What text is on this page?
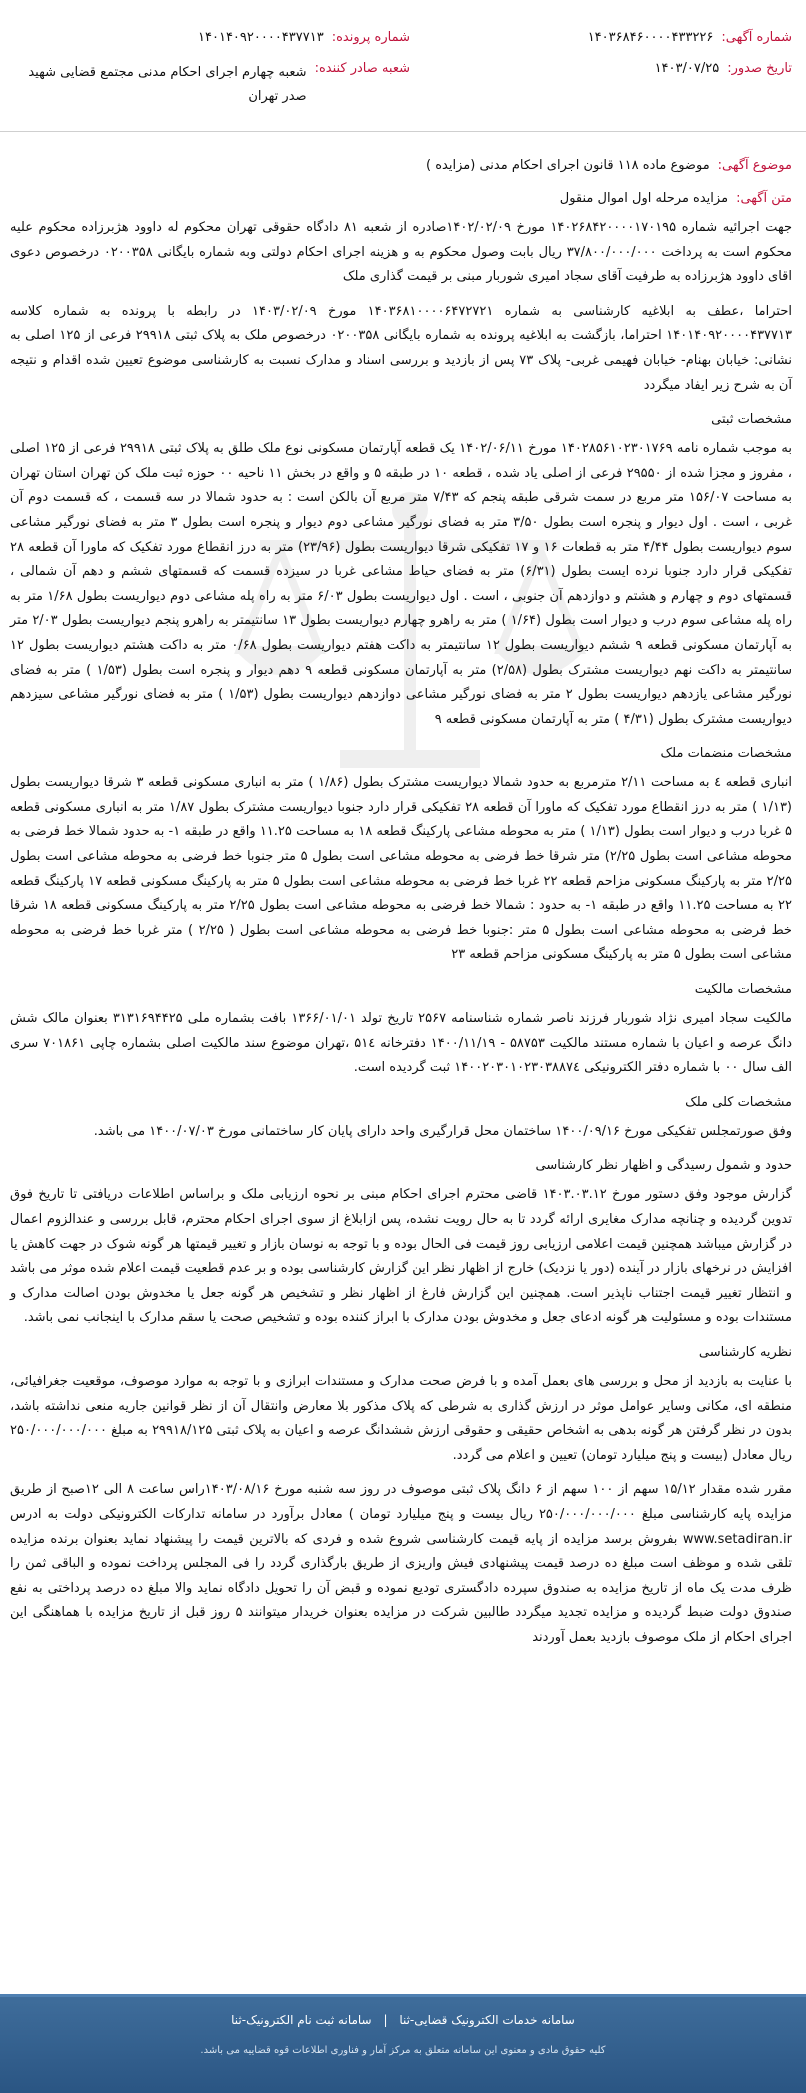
شماره آگهی:
۱۴۰۳۶۸۴۶۰۰۰۰۴۳۳۲۲۶
تاریخ صدور:
۱۴۰۳/۰۷/۲۵
شماره پرونده:
۱۴۰۱۴۰۹۲۰۰۰۰۴۳۷۷۱۳
شعبه صادر کننده:
شعبه چهارم اجرای احکام مدنی مجتمع قضایی شهید صدر تهران
موضوع آگهی:
موضوع ماده ۱۱۸ قانون اجرای احکام مدنی (مزایده )
متن آگهی:
مزایده مرحله اول اموال منقول

جهت اجرائیه شماره ۱۴۰۲۶۸۴۲۰۰۰۰۱۷۰۱۹۵ مورخ ۱۴۰۲/۰۲/۰۹صادره از شعبه ۸۱ دادگاه حقوقی تهران محکوم له داوود هژبرزاده محکوم علیه محکوم است به پرداخت ۳۷/۸۰۰/۰۰۰/۰۰۰ ریال بابت وصول محکوم به و هزینه اجرای احکام دولتی وبه شماره بایگانی ۰۲۰۰۳۵۸ درخصوص دعوی اقای داوود هژبرزاده به طرفیت آقای سجاد امیری شوربار مبنی بر قیمت گذاری ملک

احتراما ،عطف به ابلاغیه کارشناسی به شماره ۱۴۰۳۶۸۱۰۰۰۰۶۴۷۲۷۲۱ مورخ ۱۴۰۳/۰۲/۰۹ در رابطه با پرونده به شماره کلاسه ۱۴۰۱۴۰۹۲۰۰۰۰۴۳۷۷۱۳ احتراما، بازگشت به ابلاغیه پرونده به شماره بایگانی ۰۲۰۰۳۵۸ درخصوص ملک به پلاک ثبتی ۲۹۹۱۸ فرعی از ۱۲۵ اصلی به نشانی: خیابان بهنام- خیابان فهیمی غربی- پلاک ۷۳ پس از بازدید و بررسی اسناد و مدارک نسبت به کارشناسی موضوع تعیین شده اقدام و نتیجه آن به شرح زیر ایفاد میگردد

مشخصات ثبتی

به موجب شماره نامه ۱۴۰۲۸۵۶۱۰۲۳۰۱۷۶۹ مورخ ۱۴۰۲/۰۶/۱۱ یک قطعه آپارتمان مسکونی نوع ملک طلق به پلاک ثبتی ۲۹۹۱۸ فرعی از ۱۲۵ اصلی ، مفروز و مجزا شده از ۲۹۵۵۰ فرعی از اصلی یاد شده ، قطعه ۱۰ در طبقه ۵ و واقع در بخش ۱۱ ناحیه ۰۰ حوزه ثبت ملک کن تهران استان تهران به مساحت ۱۵۶/۰۷ متر مربع در سمت شرقی طبقه پنجم که ۷/۴۳ متر مربع آن بالکن است : به حدود شمالا در سه قسمت ، که قسمت دوم آن غربی ، است . اول دیوار و پنجره است بطول ۳/۵۰ متر به فضای نورگیر مشاعی دوم دیوار و پنجره است بطول ۳ متر به فضای نورگیر مشاعی سوم دیواریست بطول ۴/۴۴ متر به قطعات ۱۶ و ۱۷ تفکیکی شرقا دیواریست بطول (۲۳/۹۶) متر به درز انقطاع مورد تفکیک که ماورا آن قطعه ۲۸ تفکیکی قرار دارد جنوبا نرده ایست بطول (۶/۳۱) متر به فضای حیاط مشاعی غربا در سیزده قسمت که قسمتهای ششم و دهم آن شمالی ، قسمتهای دوم و چهارم و هشتم و دوازدهم آن جنوبی ، است . اول دیواریست بطول ۶/۰۳ متر به راه پله مشاعی دوم دیواریست بطول ۱/۶۸ متر به راه پله مشاعی سوم درب و دیوار است بطول (۱/۶۴ ) متر به راهرو چهارم دیواریست بطول ۱۳ سانتیمتر به راهرو پنجم دیواریست بطول ۲/۰۳ متر به آپارتمان مسکونی قطعه ۹ ششم دیواریست بطول ۱۲ سانتیمتر به داکت هفتم دیواریست بطول ۰/۶۸ متر به داکت هشتم دیواریست بطول ۱۲ سانتیمتر به داکت نهم دیواریست مشترک بطول (۲/۵۸) متر به آپارتمان مسکونی قطعه ۹ دهم دیوار و پنجره است بطول (۱/۵۳ ) متر به فضای نورگیر مشاعی یازدهم دیواریست بطول ۲ متر به فضای نورگیر مشاعی دوازدهم دیواریست بطول (۱/۵۳ ) متر به فضای نورگیر مشاعی سیزدهم دیواریست مشترک بطول (۴/۳۱ ) متر به آپارتمان مسکونی قطعه ۹

مشخصات منضمات ملک

انباری قطعه ٤ به مساحت ۲/۱۱ مترمربع به حدود شمالا دیواریست مشترک بطول (۱/۸۶ ) متر به انباری مسکونی قطعه ۳ شرقا دیواریست بطول (۱/۱۳ ) متر به درز انقطاع مورد تفکیک که ماورا آن قطعه ۲۸ تفکیکی قرار دارد جنوبا دیواریست مشترک بطول ۱/۸۷ متر به انباری مسکونی قطعه ۵ غربا درب و دیوار است بطول (۱/۱۳ ) متر به محوطه مشاعی پارکینگ قطعه ۱۸ به مساحت ۱۱.۲۵ واقع در طبقه ۱- به حدود شمالا خط فرضی به محوطه مشاعی است بطول ۲/۲۵) متر شرقا خط فرضی به محوطه مشاعی است بطول ۵ متر جنوبا خط فرضی به محوطه مشاعی است بطول ۲/۲۵ متر به پارکینگ مسکونی مزاحم قطعه ۲۲ غربا خط فرضی به محوطه مشاعی است بطول ۵ متر به پارکینگ مسکونی قطعه ۱۷ پارکینگ قطعه ۲۲ به مساحت ۱۱.۲۵ واقع در طبقه ۱- به حدود : شمالا خط فرضی به محوطه مشاعی است بطول ۲/۲۵ متر به پارکینگ مسکونی قطعه ۱۸ شرقا خط فرضی به محوطه مشاعی است بطول ۵ متر :جنوبا خط فرضی به محوطه مشاعی است بطول ( ۲/۲۵ ) متر غربا خط فرضی به محوطه مشاعی است بطول ۵ متر به پارکینگ مسکونی مزاحم قطعه ۲۳

مشخصات مالکیت

مالکیت سجاد امیری نژاد شوربار فرزند ناصر شماره شناسنامه ۲۵۶۷ تاریخ تولد ۱۳۶۶/۰۱/۰۱ بافت بشماره ملی ۳۱۳۱۶۹۴۴۲۵ بعنوان مالک شش دانگ عرصه و اعیان با شماره مستند مالکیت ۵۸۷۵۳ - ۱۴۰۰/۱۱/۱۹ دفترخانه ۵۱٤ ،تهران موضوع سند مالکیت اصلی بشماره چاپی ۷۰۱۸۶۱ سری الف سال ۰۰ با شماره دفتر الکترونیکی ۱۴۰۰۲۰۳۰۱۰۲۳۰۳۸۸۷٤ ثبت گردیده است.

مشخصات کلی ملک

وفق صورتمجلس تفکیکی مورخ ۱۴۰۰/۰۹/۱۶ ساختمان محل قرارگیری واحد دارای پایان کار ساختمانی مورخ ۱۴۰۰/۰۷/۰۳ می باشد.

حدود و شمول رسیدگی و اظهار نظر کارشناسی

گزارش موجود وفق دستور مورخ ۱۴۰۳.۰۳.۱۲ قاضی محترم اجرای احکام مبنی بر نحوه ارزیابی ملک و براساس اطلاعات دریافتی تا تاریخ فوق تدوین گردیده و چنانچه مدارک مغایری ارائه گردد تا به حال رویت نشده، پس ازابلاغ از سوی اجرای احکام محترم، قابل بررسی و عندالزوم اعمال در گزارش میباشد همچنین قیمت اعلامی ارزیابی روز قیمت فی الحال بوده و با توجه به نوسان بازار و تغییر قیمتها هر گونه شوک در جهت کاهش یا افزایش در نرخهای بازار در آینده (دور یا نزدیک) خارج از اظهار نظر این گزارش کارشناسی بوده و بر عدم قطعیت قیمت اعلام شده موثر می باشد و انتظار تغییر قیمت اجتناب ناپذیر است. همچنین این گزارش فارغ از اظهار نظر و تشخیص هر گونه جعل یا مخدوش بودن اصالت مدارک و مستندات بوده و مسئولیت هر گونه ادعای جعل و مخدوش بودن مدارک با ابراز کننده بوده و تشخیص صحت یا سقم مدارک با اینجانب نمی باشد.

نظریه کارشناسی

با عنایت به بازدید از محل و بررسی های بعمل آمده و با فرض صحت مدارک و مستندات ابرازی و با توجه به موارد موصوف، موقعیت جغرافیائی، منطقه ای، مکانی وسایر عوامل موثر در ارزش گذاری به شرطی که پلاک مذکور بلا معارض وانتقال آن از نظر قوانین جاریه منعی نداشته باشد، بدون در نظر گرفتن هر گونه بدهی به اشخاص حقیقی و حقوقی ارزش ششدانگ عرصه و اعیان به پلاک ثبتی ۲۹۹۱۸/۱۲۵ به مبلغ ۲۵۰/۰۰۰/۰۰۰/۰۰۰ ریال معادل (بیست و پنج میلیارد تومان) تعیین و اعلام می گردد.

مقرر شده مقدار ۱۵/۱۲ سهم از ۱۰۰ سهم از ۶ دانگ پلاک ثبتی موصوف در روز سه شنبه مورخ ۱۴۰۳/۰۸/۱۶راس ساعت ۸ الی ۱۲صبح از طریق مزایده پایه کارشناسی مبلغ ۲۵۰/۰۰۰/۰۰۰/۰۰۰ ریال بیست و پنج میلیارد تومان ) معادل برآورد در سامانه تدارکات الکترونیکی دولت به ادرس www.setadiran.ir بفروش برسد مزایده از پایه قیمت کارشناسی شروع شده و فردی که بالاترین قیمت را پیشنهاد نماید بعنوان برنده مزایده تلقی شده و موظف است مبلغ ده درصد قیمت پیشنهادی فیش واریزی از طریق بارگذاری گردد را فی المجلس پرداخت نموده و الباقی ثمن را ظرف مدت یک ماه از تاریخ مزایده به صندوق سپرده دادگستری تودیع نموده و قبض آن را تحویل دادگاه نماید والا مبلغ ده درصد پرداختی به نفع صندوق دولت ضبط گردیده و مزایده تجدید میگردد طالبین شرکت در مزایده بعنوان خریدار میتوانند ۵ روز قبل از تاریخ مزایده با هماهنگی این اجرای احکام از ملک موصوف بازدید بعمل آوردند

سامانه خدمات الکترونیک قضایی-ثنا | سامانه ثبت نام الکترونیک-ثنا
کلیه حقوق مادی و معنوی این سامانه متعلق به مرکز آمار و فناوری اطلاعات قوه قضاییه می باشد.
